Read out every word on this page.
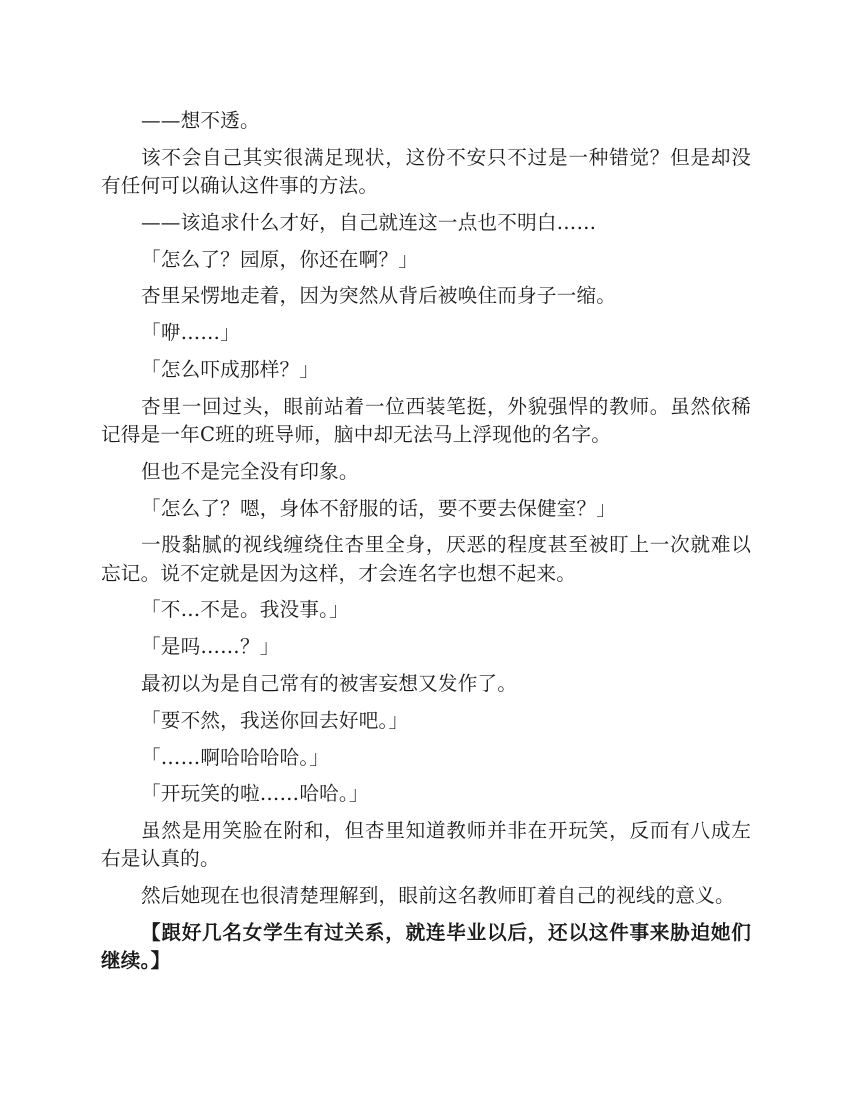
——想不透。

该不会自己其实很满足现状，这份不安只不过是一种错觉？但是却没有任何可以确认这件事的方法。

——该追求什么才好，自己就连这一点也不明白……

「怎么了？园原，你还在啊？」

杏里呆愣地走着，因为突然从背后被唤住而身子一缩。

「咿……」

「怎么吓成那样？」

杏里一回过头，眼前站着一位西装笔挺，外貌强悍的教师。虽然依稀记得是一年C班的班导师，脑中却无法马上浮现他的名字。

但也不是完全没有印象。

「怎么了？嗯，身体不舒服的话，要不要去保健室？」

一股黏腻的视线缠绕住杏里全身，厌恶的程度甚至被盯上一次就难以忘记。说不定就是因为这样，才会连名字也想不起来。

「不…不是。我没事。」

「是吗……？」

最初以为是自己常有的被害妄想又发作了。

「要不然，我送你回去好吧。」

「……啊哈哈哈哈。」

「开玩笑的啦……哈哈。」

虽然是用笑脸在附和，但杏里知道教师并非在开玩笑，反而有八成左右是认真的。

然后她现在也很清楚理解到，眼前这名教师盯着自己的视线的意义。

【跟好几名女学生有过关系，就连毕业以后，还以这件事来胁迫她们继续。】
